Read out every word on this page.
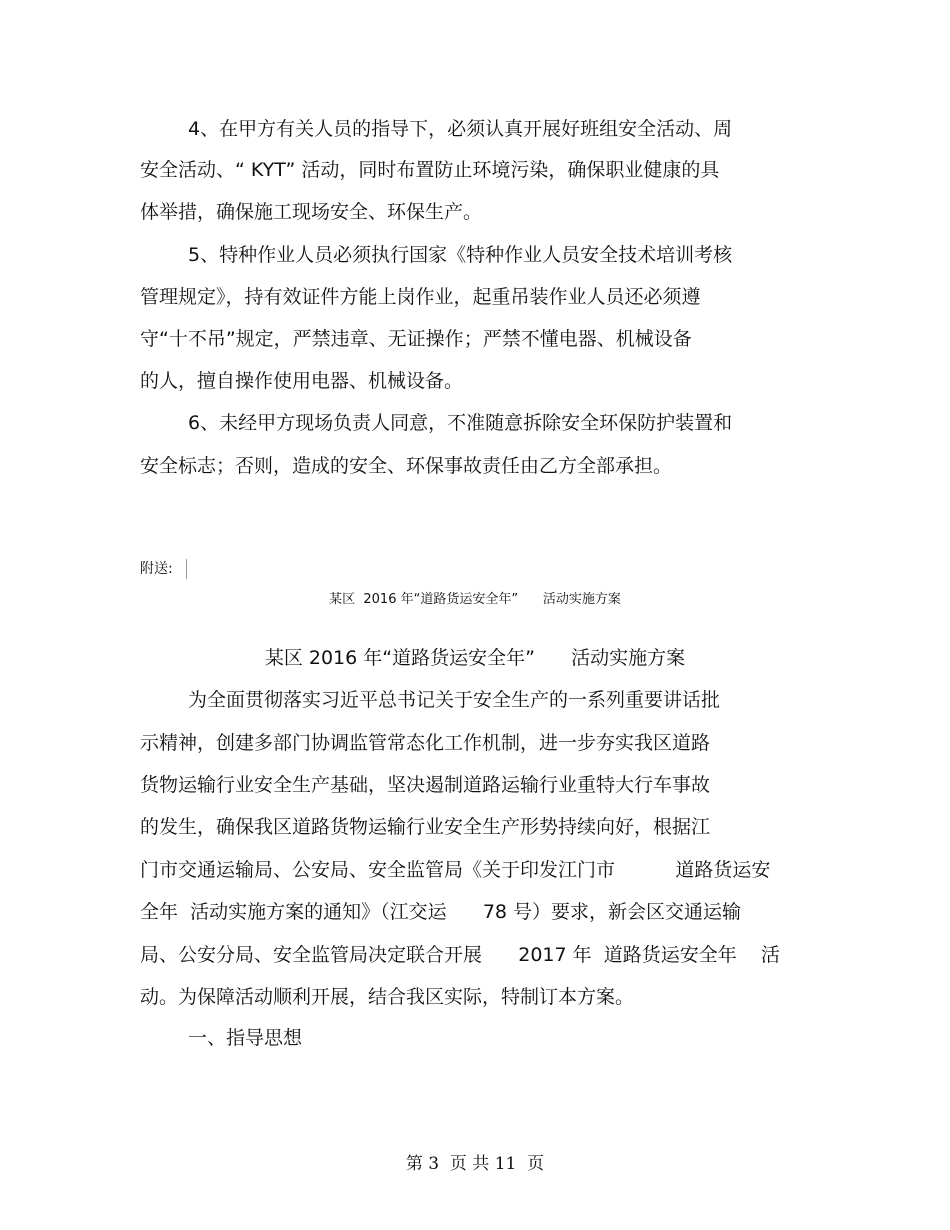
4、在甲方有关人员的指导下，必须认真开展好班组安全活动、周
安全活动、“ KYT” 活动，同时布置防止环境污染，确保职业健康的具
体举措，确保施工现场安全、环保生产。
5、特种作业人员必须执行国家《特种作业人员安全技术培训考核
管理规定》，持有效证件方能上岗作业，起重吊装作业人员还必须遵
守“十不吊”规定，严禁违章、无证操作；严禁不懂电器、机械设备
的人，擅自操作使用电器、机械设备。
6、未经甲方现场负责人同意，不准随意拆除安全环保防护装置和
安全标志；否则，造成的安全、环保事故责任由乙方全部承担。
附送:
某区  2016 年“道路货运安全年”      活动实施方案
某区 2016 年“道路货运安全年”      活动实施方案
为全面贯彻落实习近平总书记关于安全生产的一系列重要讲话批
示精神，创建多部门协调监管常态化工作机制，进一步夯实我区道路
货物运输行业安全生产基础，坚决遏制道路运输行业重特大行车事故
的发生，确保我区道路货物运输行业安全生产形势持续向好，根据江
门市交通运输局、公安局、安全监管局《关于印发江门市          道路货运安
全年  活动实施方案的通知》（江交运      78 号）要求，新会区交通运输
局、公安分局、安全监管局决定联合开展      2017 年  道路货运安全年    活
动。为保障活动顺利开展，结合我区实际，特制订本方案。
一、指导思想
第 3  页 共 11  页
